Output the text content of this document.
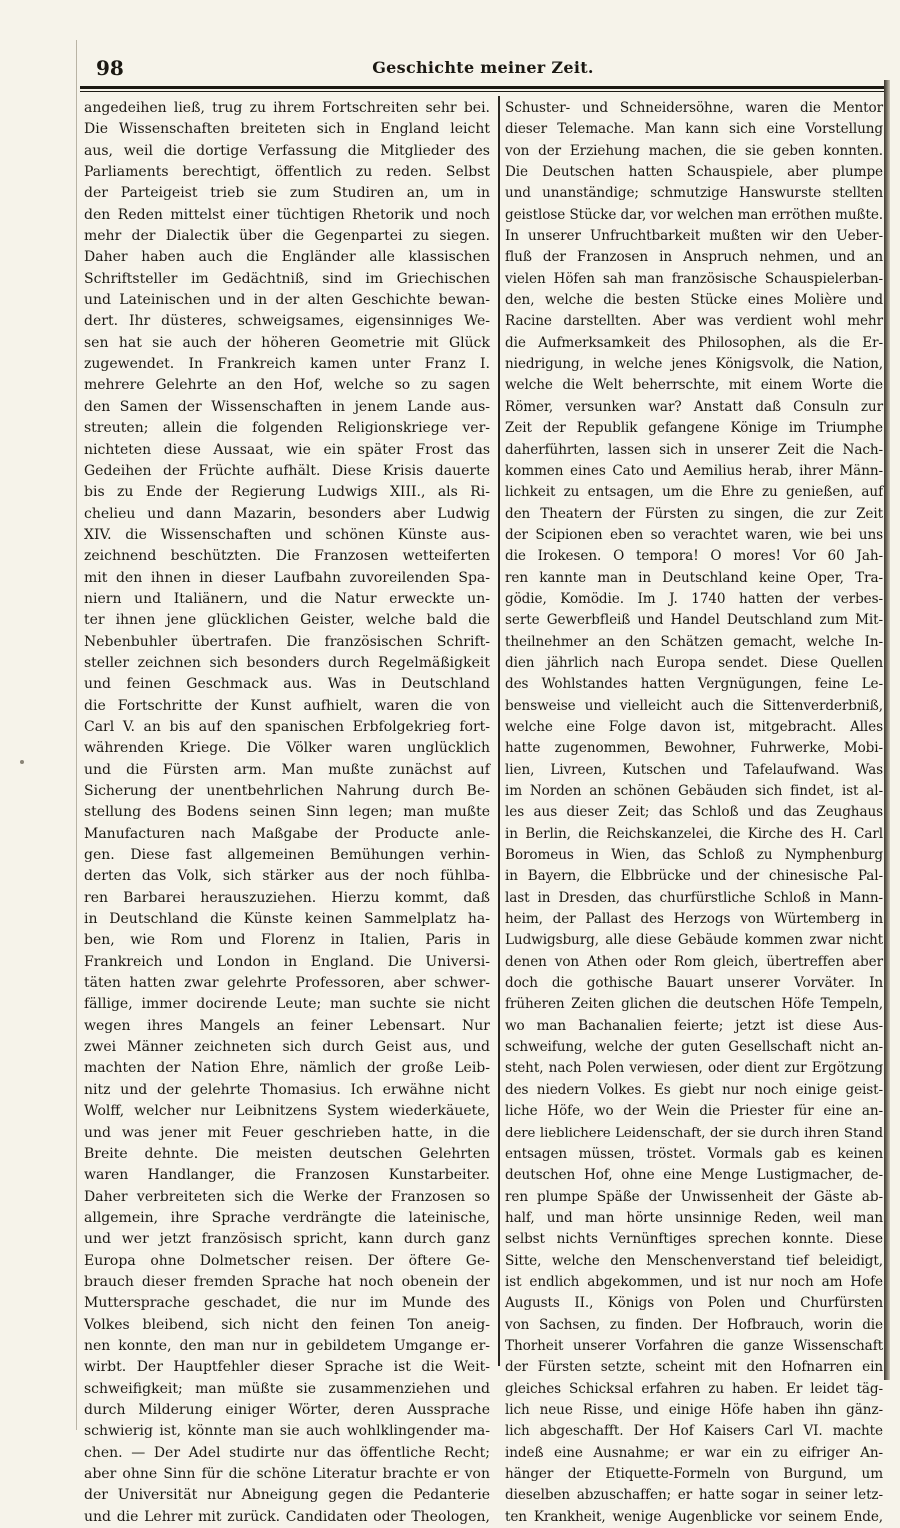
98	Geschichte meiner Zeit.
angedeihen ließ, trug zu ihrem Fortschreiten sehr bei.
Die Wissenschaften breiteten sich in England leicht
aus, weil die dortige Verfassung die Mitglieder des
Parliaments berechtigt, öffentlich zu reden. Selbst
der Parteigeist trieb sie zum Studiren an, um in
den Reden mittelst einer tüchtigen Rhetorik und noch
mehr der Dialectik über die Gegenpartei zu siegen.
Daher haben auch die Engländer alle klassischen
Schriftsteller im Gedächtniß, sind im Griechischen
und Lateinischen und in der alten Geschichte bewan-
dert. Ihr düsteres, schweigsames, eigensinniges We-
sen hat sie auch der höheren Geometrie mit Glück
zugewendet. In Frankreich kamen unter Franz I.
mehrere Gelehrte an den Hof, welche so zu sagen
den Samen der Wissenschaften in jenem Lande aus-
streuten; allein die folgenden Religionskriege ver-
nichteten diese Aussaat, wie ein später Frost das
Gedeihen der Früchte aufhält. Diese Krisis dauerte
bis zu Ende der Regierung Ludwigs XIII., als Ri-
chelieu und dann Mazarin, besonders aber Ludwig
XIV. die Wissenschaften und schönen Künste aus-
zeichnend beschützten. Die Franzosen wetteiferten
mit den ihnen in dieser Laufbahn zuvoreilenden Spa-
niern und Italiänern, und die Natur erweckte un-
ter ihnen jene glücklichen Geister, welche bald die
Nebenbuhler übertrafen. Die französischen Schrift-
steller zeichnen sich besonders durch Regelmäßigkeit
und feinen Geschmack aus. Was in Deutschland
die Fortschritte der Kunst aufhielt, waren die von
Carl V. an bis auf den spanischen Erbfolgekrieg fort-
währenden Kriege. Die Völker waren unglücklich
und die Fürsten arm. Man mußte zunächst auf
Sicherung der unentbehrlichen Nahrung durch Be-
stellung des Bodens seinen Sinn legen; man mußte
Manufacturen nach Maßgabe der Producte anle-
gen. Diese fast allgemeinen Bemühungen verhin-
derten das Volk, sich stärker aus der noch fühlba-
ren Barbarei herauszuziehen. Hierzu kommt, daß
in Deutschland die Künste keinen Sammelplatz ha-
ben, wie Rom und Florenz in Italien, Paris in
Frankreich und London in England. Die Universi-
täten hatten zwar gelehrte Professoren, aber schwer-
fällige, immer docirende Leute; man suchte sie nicht
wegen ihres Mangels an feiner Lebensart. Nur
zwei Männer zeichneten sich durch Geist aus, und
machten der Nation Ehre, nämlich der große Leib-
nitz und der gelehrte Thomasius. Ich erwähne nicht
Wolff, welcher nur Leibnitzens System wiederkäuete,
und was jener mit Feuer geschrieben hatte, in die
Breite dehnte. Die meisten deutschen Gelehrten
waren Handlanger, die Franzosen Kunstarbeiter.
Daher verbreiteten sich die Werke der Franzosen so
allgemein, ihre Sprache verdrängte die lateinische,
und wer jetzt französisch spricht, kann durch ganz
Europa ohne Dolmetscher reisen. Der öftere Ge-
brauch dieser fremden Sprache hat noch obenein der
Muttersprache geschadet, die nur im Munde des
Volkes bleibend, sich nicht den feinen Ton aneig-
nen konnte, den man nur in gebildetem Umgange er-
wirbt. Der Hauptfehler dieser Sprache ist die Weit-
schweifigkeit; man müßte sie zusammenziehen und
durch Milderung einiger Wörter, deren Aussprache
schwierig ist, könnte man sie auch wohlklingender ma-
chen. — Der Adel studirte nur das öffentliche Recht;
aber ohne Sinn für die schöne Literatur brachte er von
der Universität nur Abneigung gegen die Pedanterie
und die Lehrer mit zurück. Candidaten oder Theologen,
Schuster- und Schneidersöhne, waren die Mentor
dieser Telemache. Man kann sich eine Vorstellung
von der Erziehung machen, die sie geben konnten.
Die Deutschen hatten Schauspiele, aber plumpe
und unanständige; schmutzige Hanswurste stellten
geistlose Stücke dar, vor welchen man erröthen mußte.
In unserer Unfruchtbarkeit mußten wir den Ueber-
fluß der Franzosen in Anspruch nehmen, und an
vielen Höfen sah man französische Schauspielerban-
den, welche die besten Stücke eines Molière und
Racine darstellten. Aber was verdient wohl mehr
die Aufmerksamkeit des Philosophen, als die Er-
niedrigung, in welche jenes Königsvolk, die Nation,
welche die Welt beherrschte, mit einem Worte die
Römer, versunken war? Anstatt daß Consuln zur
Zeit der Republik gefangene Könige im Triumphe
daherführten, lassen sich in unserer Zeit die Nach-
kommen eines Cato und Aemilius herab, ihrer Männ-
lichkeit zu entsagen, um die Ehre zu genießen, auf
den Theatern der Fürsten zu singen, die zur Zeit
der Scipionen eben so verachtet waren, wie bei uns
die Irokesen. O tempora! O mores! Vor 60 Jah-
ren kannte man in Deutschland keine Oper, Tra-
gödie, Komödie. Im J. 1740 hatten der verbes-
serte Gewerbfleiß und Handel Deutschland zum Mit-
theilnehmer an den Schätzen gemacht, welche In-
dien jährlich nach Europa sendet. Diese Quellen
des Wohlstandes hatten Vergnügungen, feine Le-
bensweise und vielleicht auch die Sittenverderbniß,
welche eine Folge davon ist, mitgebracht. Alles
hatte zugenommen, Bewohner, Fuhrwerke, Mobi-
lien, Livreen, Kutschen und Tafelaufwand. Was
im Norden an schönen Gebäuden sich findet, ist al-
les aus dieser Zeit; das Schloß und das Zeughaus
in Berlin, die Reichskanzelei, die Kirche des H. Carl
Boromeus in Wien, das Schloß zu Nymphenburg
in Bayern, die Elbbrücke und der chinesische Pal-
last in Dresden, das churfürstliche Schloß in Mann-
heim, der Pallast des Herzogs von Würtemberg in
Ludwigsburg, alle diese Gebäude kommen zwar nicht
denen von Athen oder Rom gleich, übertreffen aber
doch die gothische Bauart unserer Vorväter. In
früheren Zeiten glichen die deutschen Höfe Tempeln,
wo man Bachanalien feierte; jetzt ist diese Aus-
schweifung, welche der guten Gesellschaft nicht an-
steht, nach Polen verwiesen, oder dient zur Ergötzung
des niedern Volkes. Es giebt nur noch einige geist-
liche Höfe, wo der Wein die Priester für eine an-
dere lieblichere Leidenschaft, der sie durch ihren Stand
entsagen müssen, tröstet. Vormals gab es keinen
deutschen Hof, ohne eine Menge Lustigmacher, de-
ren plumpe Späße der Unwissenheit der Gäste ab-
half, und man hörte unsinnige Reden, weil man
selbst nichts Vernünftiges sprechen konnte. Diese
Sitte, welche den Menschenverstand tief beleidigt,
ist endlich abgekommen, und ist nur noch am Hofe
Augusts II., Königs von Polen und Churfürsten
von Sachsen, zu finden. Der Hofbrauch, worin die
Thorheit unserer Vorfahren die ganze Wissenschaft
der Fürsten setzte, scheint mit den Hofnarren ein
gleiches Schicksal erfahren zu haben. Er leidet täg-
lich neue Risse, und einige Höfe haben ihn gänz-
lich abgeschafft. Der Hof Kaisers Carl VI. machte
indeß eine Ausnahme; er war ein zu eifriger An-
hänger der Etiquette-Formeln von Burgund, um
dieselben abzuschaffen; er hatte sogar in seiner letz-
ten Krankheit, wenige Augenblicke vor seinem Ende,
